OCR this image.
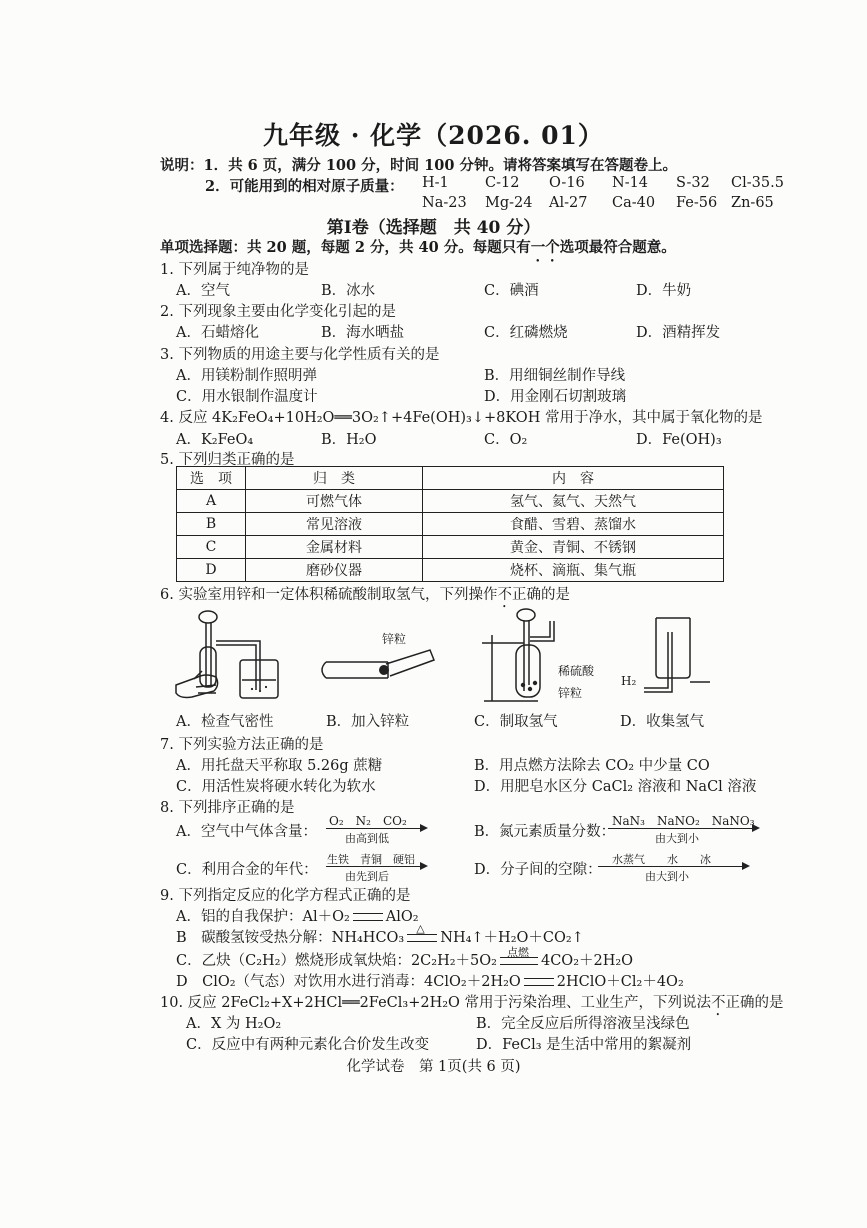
九年级 · 化学（2026. 01）
说明：1．共 6 页，满分 100 分，时间 100 分钟。请将答案填写在答题卷上。
2．可能用到的相对原子质量： H-1 C-12 O-16 N-14 S-32 Cl-35.5
Na-23 Mg-24 Al-27 Ca-40 Fe-56 Zn-65
第Ⅰ卷（选择题　共 40 分）
单项选择题：共 20 题，每题 2 分，共 40 分。每题只有一个选项最符合题意。
1. 下列属于纯净物的是
A．空气	B．冰水	C．碘酒	D．牛奶
2. 下列现象主要由化学变化引起的是
A．石蜡熔化	B．海水晒盐	C．红磷燃烧	D．酒精挥发
3. 下列物质的用途主要与化学性质有关的是
A．用镁粉制作照明弹	B．用细铜丝制作导线
C．用水银制作温度计	D．用金刚石切割玻璃
4. 反应 4K₂FeO₄+10H₂O══3O₂↑+4Fe(OH)₃↓+8KOH 常用于净水，其中属于氧化物的是
A．K₂FeO₄	B．H₂O	C．O₂	D．Fe(OH)₃
5. 下列归类正确的是
选　项	归　类	内　容
A	可燃气体	氢气、氦气、天然气
B	常见溶液	食醋、雪碧、蒸馏水
C	金属材料	黄金、青铜、不锈钢
D	磨砂仪器	烧杯、滴瓶、集气瓶
6. 实验室用锌和一定体积稀硫酸制取氢气，下列操作不正确的是
锌粒
稀硫酸
锌粒
H₂
A．检查气密性	B．加入锌粒	C．制取氢气	D．收集氢气
7. 下列实验方法正确的是
A．用托盘天平称取 5.26g 蔗糖	B．用点燃方法除去 CO₂ 中少量 CO
C．用活性炭将硬水转化为软水	D．用肥皂水区分 CaCl₂ 溶液和 NaCl 溶液
8. 下列排序正确的是
A．空气中气体含量：
O₂　N₂　CO₂
由高到低	B．氮元素质量分数：
NaN₃　NaNO₂　NaNO₃
由大到小
C．利用合金的年代：
生铁　青铜　硬铝
由先到后	D．分子间的空隙：
水蒸气　　水　　冰
由大到小
9. 下列指定反应的化学方程式正确的是
A．铝的自我保护：Al＋O₂ AlO₂
B　碳酸氢铵受热分解：NH₄HCO₃
△
NH₄↑＋H₂O＋CO₂↑
C．乙炔（C₂H₂）燃烧形成氧炔焰：2C₂H₂＋5O₂
点燃
4CO₂＋2H₂O
D　ClO₂（气态）对饮用水进行消毒：4ClO₂＋2H₂O 2HClO＋Cl₂＋4O₂
10. 反应 2FeCl₂+X+2HCl══2FeCl₃+2H₂O 常用于污染治理、工业生产，下列说法不正确的是
A．X 为 H₂O₂	B．完全反应后所得溶液呈浅绿色
C．反应中有两种元素化合价发生改变	D．FeCl₃ 是生活中常用的絮凝剂
化学试卷　第 1页(共 6 页)
